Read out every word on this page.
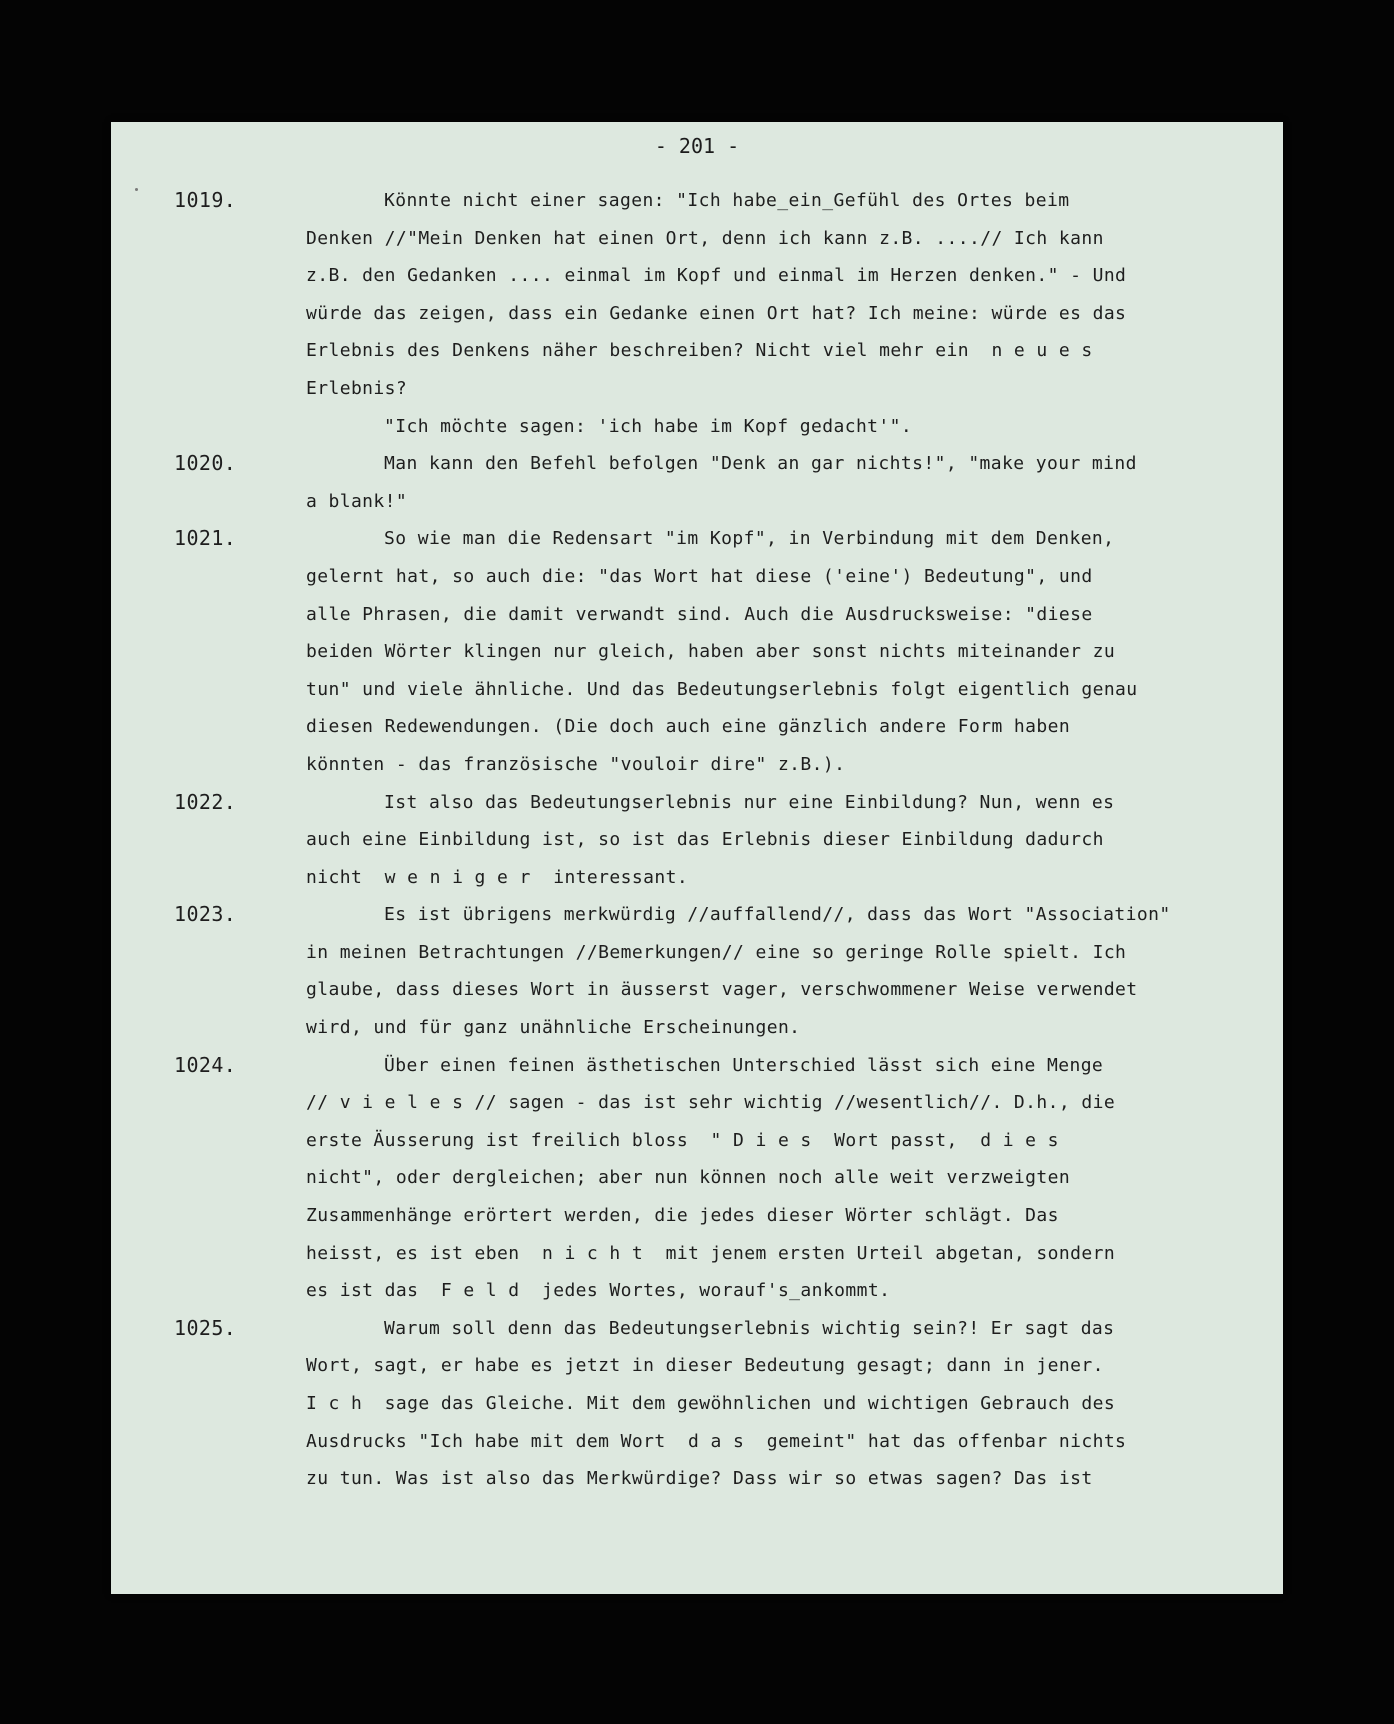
- 201 -
1019.	Könnte nicht einer sagen: "Ich habe_ein_Gefühl des Ortes beim
Denken //"Mein Denken hat einen Ort, denn ich kann z.B. ....// Ich kann
z.B. den Gedanken .... einmal im Kopf und einmal im Herzen denken." - Und
würde das zeigen, dass ein Gedanke einen Ort hat? Ich meine: würde es das
Erlebnis des Denkens näher beschreiben? Nicht viel mehr ein  n e u e s
Erlebnis?
"Ich möchte sagen: 'ich habe im Kopf gedacht'".
1020.	Man kann den Befehl befolgen "Denk an gar nichts!", "make your mind
a blank!"
1021.	So wie man die Redensart "im Kopf", in Verbindung mit dem Denken,
gelernt hat, so auch die: "das Wort hat diese ('eine') Bedeutung", und
alle Phrasen, die damit verwandt sind. Auch die Ausdrucksweise: "diese
beiden Wörter klingen nur gleich, haben aber sonst nichts miteinander zu
tun" und viele ähnliche. Und das Bedeutungserlebnis folgt eigentlich genau
diesen Redewendungen. (Die doch auch eine gänzlich andere Form haben
könnten - das französische "vouloir dire" z.B.).
1022.	Ist also das Bedeutungserlebnis nur eine Einbildung? Nun, wenn es
auch eine Einbildung ist, so ist das Erlebnis dieser Einbildung dadurch
nicht  w e n i g e r  interessant.
1023.	Es ist übrigens merkwürdig //auffallend//, dass das Wort "Association"
in meinen Betrachtungen //Bemerkungen// eine so geringe Rolle spielt. Ich
glaube, dass dieses Wort in äusserst vager, verschwommener Weise verwendet
wird, und für ganz unähnliche Erscheinungen.
1024.	Über einen feinen ästhetischen Unterschied lässt sich eine Menge
// v i e l e s // sagen - das ist sehr wichtig //wesentlich//. D.h., die
erste Äusserung ist freilich bloss  " D i e s  Wort passt,  d i e s
nicht", oder dergleichen; aber nun können noch alle weit verzweigten
Zusammenhänge erörtert werden, die jedes dieser Wörter schlägt. Das
heisst, es ist eben  n i c h t  mit jenem ersten Urteil abgetan, sondern
es ist das  F e l d  jedes Wortes, worauf's_ankommt.
1025.	Warum soll denn das Bedeutungserlebnis wichtig sein?! Er sagt das
Wort, sagt, er habe es jetzt in dieser Bedeutung gesagt; dann in jener.
I c h  sage das Gleiche. Mit dem gewöhnlichen und wichtigen Gebrauch des
Ausdrucks "Ich habe mit dem Wort  d a s  gemeint" hat das offenbar nichts
zu tun. Was ist also das Merkwürdige? Dass wir so etwas sagen? Das ist
